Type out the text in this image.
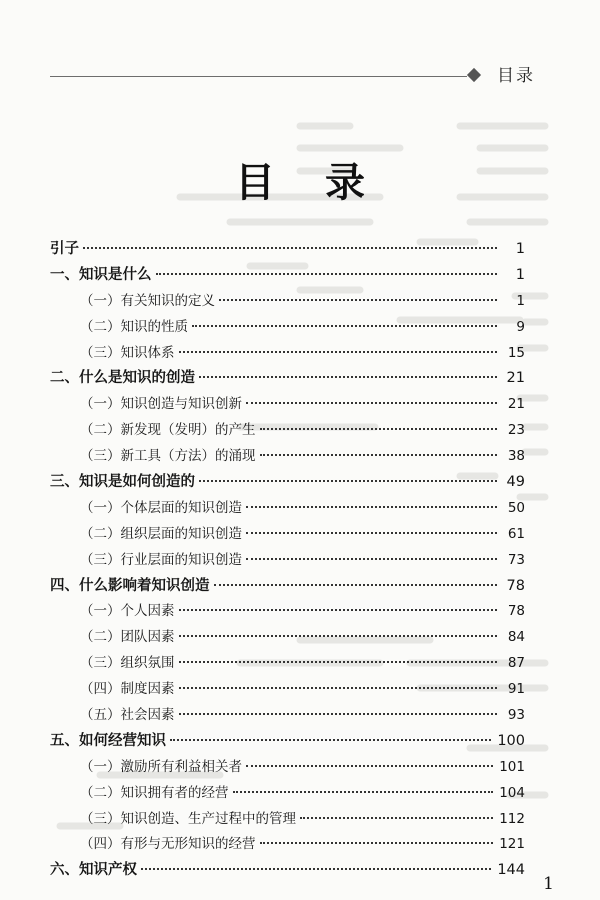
目录
目 录
引子	1
一、知识是什么	1
（一）有关知识的定义	1
（二）知识的性质	9
（三）知识体系	15
二、什么是知识的创造	21
（一）知识创造与知识创新	21
（二）新发现（发明）的产生	23
（三）新工具（方法）的涌现	38
三、知识是如何创造的	49
（一）个体层面的知识创造	50
（二）组织层面的知识创造	61
（三）行业层面的知识创造	73
四、什么影响着知识创造	78
（一）个人因素	78
（二）团队因素	84
（三）组织氛围	87
（四）制度因素	91
（五）社会因素	93
五、如何经营知识	100
（一）激励所有利益相关者	101
（二）知识拥有者的经营	104
（三）知识创造、生产过程中的管理	112
（四）有形与无形知识的经营	121
六、知识产权	144
1
